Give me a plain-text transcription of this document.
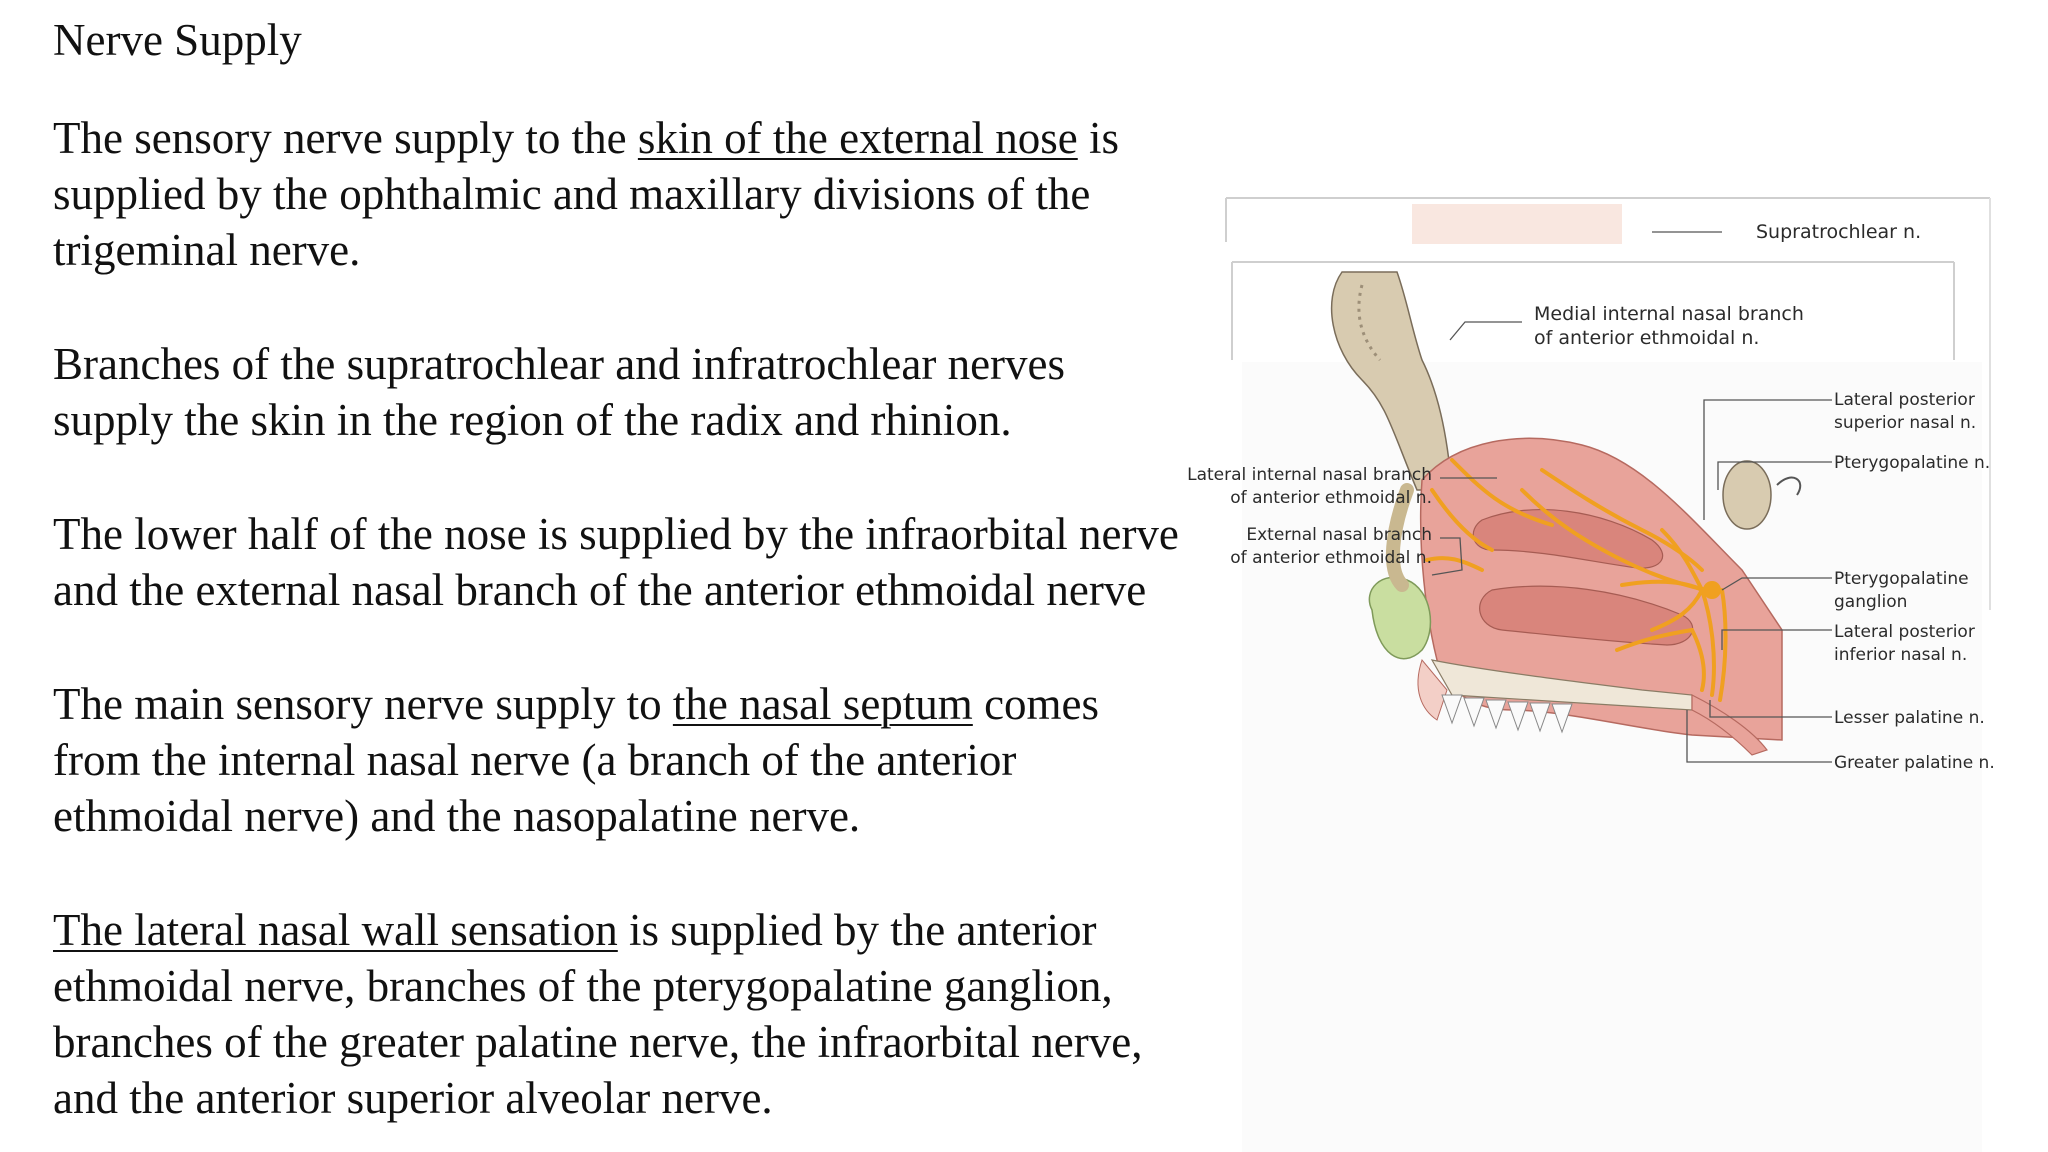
Nerve Supply
The sensory nerve supply to the skin of the external nose is
supplied by the ophthalmic and maxillary divisions of the
trigeminal nerve.
Branches of the supratrochlear and infratrochlear nerves
supply the skin in the region of the radix and rhinion.
The lower half of the nose is supplied by the infraorbital nerve
and the external nasal branch of the anterior ethmoidal nerve
The main sensory nerve supply to the nasal septum comes
from the internal nasal nerve (a branch of the anterior
ethmoidal nerve) and the nasopalatine nerve.
The lateral nasal wall sensation is supplied by the anterior
ethmoidal nerve, branches of the pterygopalatine ganglion,
branches of the greater palatine nerve, the infraorbital nerve,
and the anterior superior alveolar nerve.
Supratrochlear n.
Medial internal nasal branch
of anterior ethmoidal n.
Lateral internal nasal branch
of anterior ethmoidal n.
External nasal branch
of anterior ethmoidal n.
Lateral posterior
superior nasal n.
Pterygopalatine n.
Pterygopalatine
ganglion
Lateral posterior
inferior nasal n.
Lesser palatine n.
Greater palatine n.
